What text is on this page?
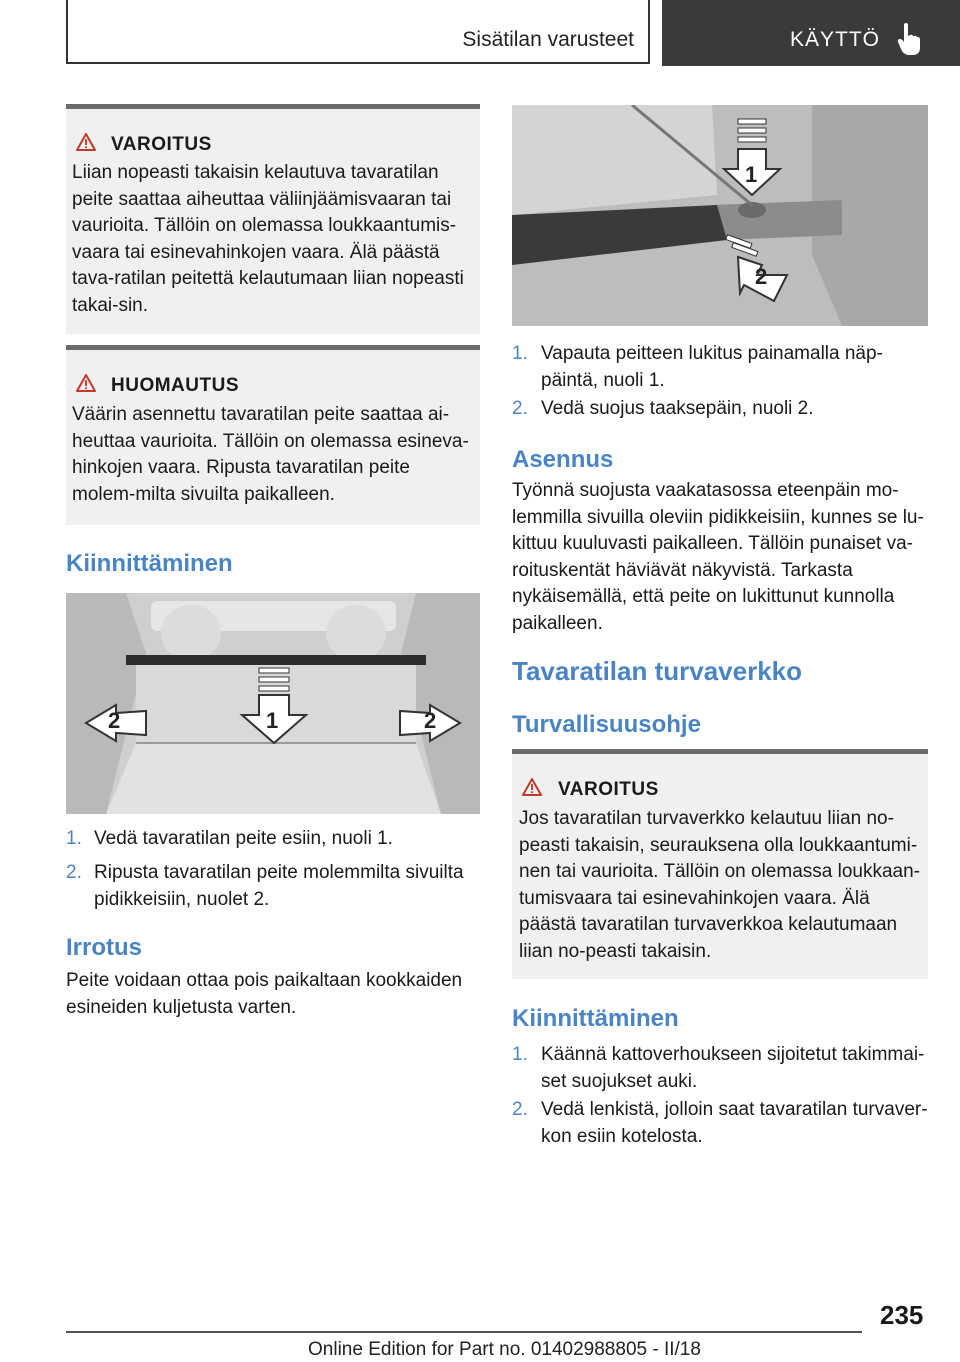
Sisätilan varusteet	KÄYTTÖ
VAROITUS
Liian nopeasti takaisin kelautuva tavaratilan peite saattaa aiheuttaa väliinjäämisvaaran tai vaurioita. Tällöin on olemassa loukkaantumis-vaara tai esinevahinkojen vaara. Älä päästä tava-ratilan peitettä kelautumaan liian nopeasti takai-sin.
HUOMAUTUS
Väärin asennettu tavaratilan peite saattaa ai-heuttaa vaurioita. Tällöin on olemassa esineva-hinkojen vaara. Ripusta tavaratilan peite molem-milta sivuilta paikalleen.
Kiinnittäminen
2	1	2
1. Vedä tavaratilan peite esiin, nuoli 1.
2. Ripusta tavaratilan peite molemmilta sivuilta pidikkeisiin, nuolet 2.
Irrotus
Peite voidaan ottaa pois paikaltaan kookkaiden esineiden kuljetusta varten.
1
2
1. Vapauta peitteen lukitus painamalla näp-päintä, nuoli 1.
2. Vedä suojus taaksepäin, nuoli 2.
Asennus
Työnnä suojusta vaakatasossa eteenpäin mo-lemmilla sivuilla oleviin pidikkeisiin, kunnes se lu-kittuu kuuluvasti paikalleen. Tällöin punaiset va-roituskentät häviävät näkyvistä. Tarkasta nykäisemällä, että peite on lukittunut kunnolla paikalleen.
Tavaratilan turvaverkko
Turvallisuusohje
VAROITUS
Jos tavaratilan turvaverkko kelautuu liian no-peasti takaisin, seurauksena olla loukkaantumi-nen tai vaurioita. Tällöin on olemassa loukkaan-tumisvaara tai esinevahinkojen vaara. Älä päästä tavaratilan turvaverkkoa kelautumaan liian no-peasti takaisin.
Kiinnittäminen
1. Käännä kattoverhoukseen sijoitetut takimmai-set suojukset auki.
2. Vedä lenkistä, jolloin saat tavaratilan turvaver-kon esiin kotelosta.
235
Online Edition for Part no. 01402988805 - II/18
